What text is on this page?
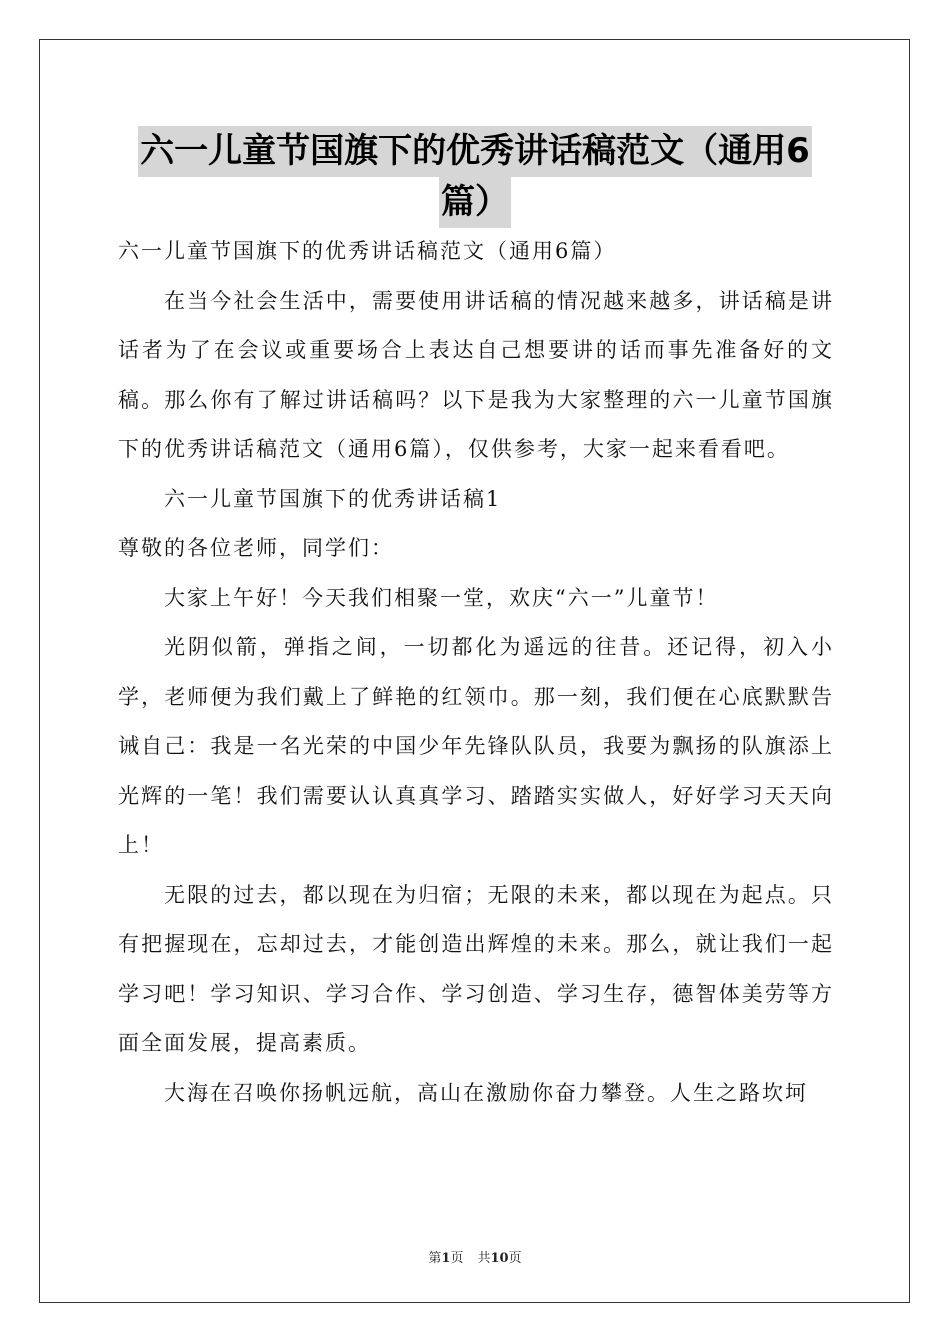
六一儿童节国旗下的优秀讲话稿范文（通用6
篇）

六一儿童节国旗下的优秀讲话稿范文（通用6篇）

在当今社会生活中，需要使用讲话稿的情况越来越多，讲话稿是讲话者为了在会议或重要场合上表达自己想要讲的话而事先准备好的文稿。那么你有了解过讲话稿吗？以下是我为大家整理的六一儿童节国旗下的优秀讲话稿范文（通用6篇），仅供参考，大家一起来看看吧。

六一儿童节国旗下的优秀讲话稿1

尊敬的各位老师，同学们：

大家上午好！今天我们相聚一堂，欢庆“六一”儿童节！

光阴似箭，弹指之间，一切都化为遥远的往昔。还记得，初入小学，老师便为我们戴上了鲜艳的红领巾。那一刻，我们便在心底默默告诫自己：我是一名光荣的中国少年先锋队队员，我要为飘扬的队旗添上光辉的一笔！我们需要认认真真学习、踏踏实实做人，好好学习天天向上！

无限的过去，都以现在为归宿；无限的未来，都以现在为起点。只有把握现在，忘却过去，才能创造出辉煌的未来。那么，就让我们一起学习吧！学习知识、学习合作、学习创造、学习生存，德智体美劳等方面全面发展，提高素质。

大海在召唤你扬帆远航，高山在激励你奋力攀登。人生之路坎坷

第1页 共10页
